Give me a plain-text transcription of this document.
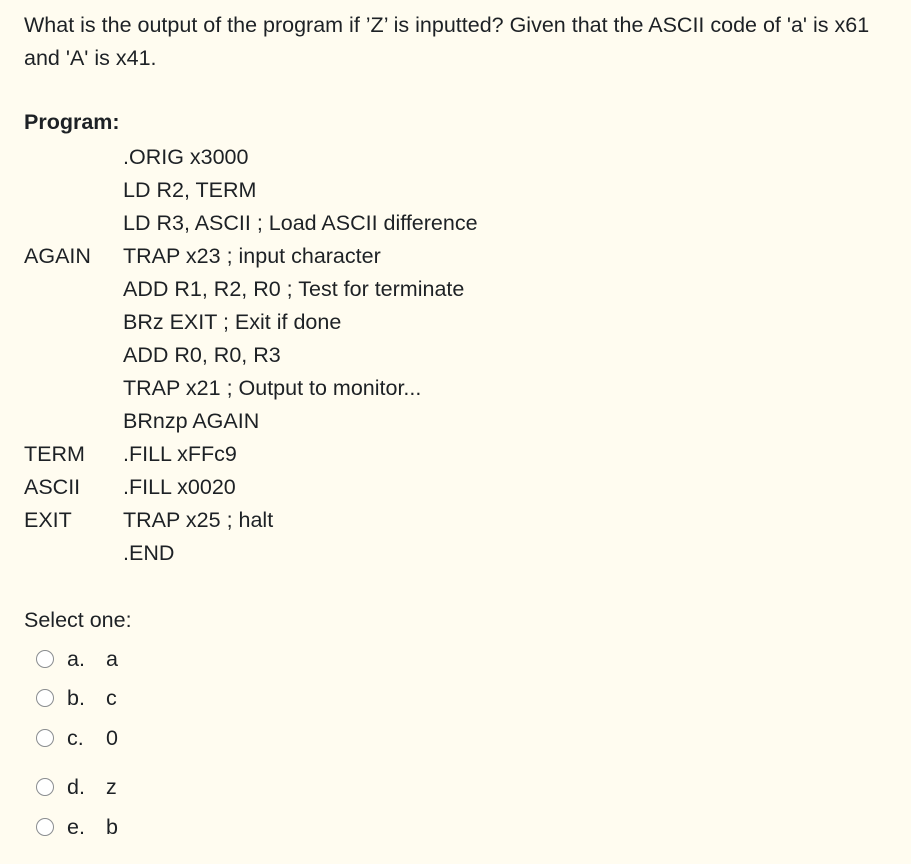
What is the output of the program if ’Z’ is inputted? Given that the ASCII code of 'a' is x61 and 'A' is x41.
Program:
.ORIG x3000
LD R2, TERM
LD R3, ASCII ; Load ASCII difference
AGAIN TRAP x23 ; input character
ADD R1, R2, R0 ; Test for terminate
BRz EXIT ; Exit if done
ADD R0, R0, R3
TRAP x21 ; Output to monitor...
BRnzp AGAIN
TERM .FILL xFFc9
ASCII .FILL x0020
EXIT TRAP x25 ; halt
.END
Select one:
a. a
b. c
c. 0
d. z
e. b
